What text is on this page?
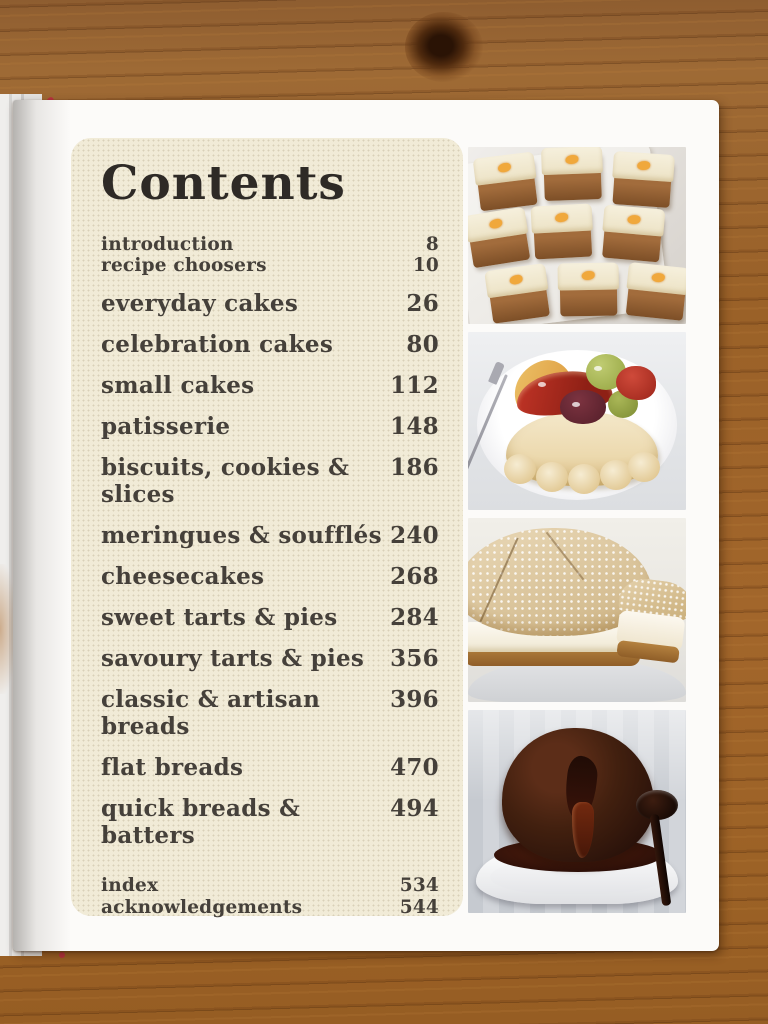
Contents
introduction	8
recipe choosers	10
everyday cakes	26
celebration cakes	80
small cakes	112
patisserie	148
biscuits, cookies & slices
186
meringues & soufflés 240
cheesecakes	268
sweet tarts & pies 284
savoury tarts & pies 356
classic & artisan breads
396
flat breads	470
quick breads & batters
494
index	534
acknowledgements	544
